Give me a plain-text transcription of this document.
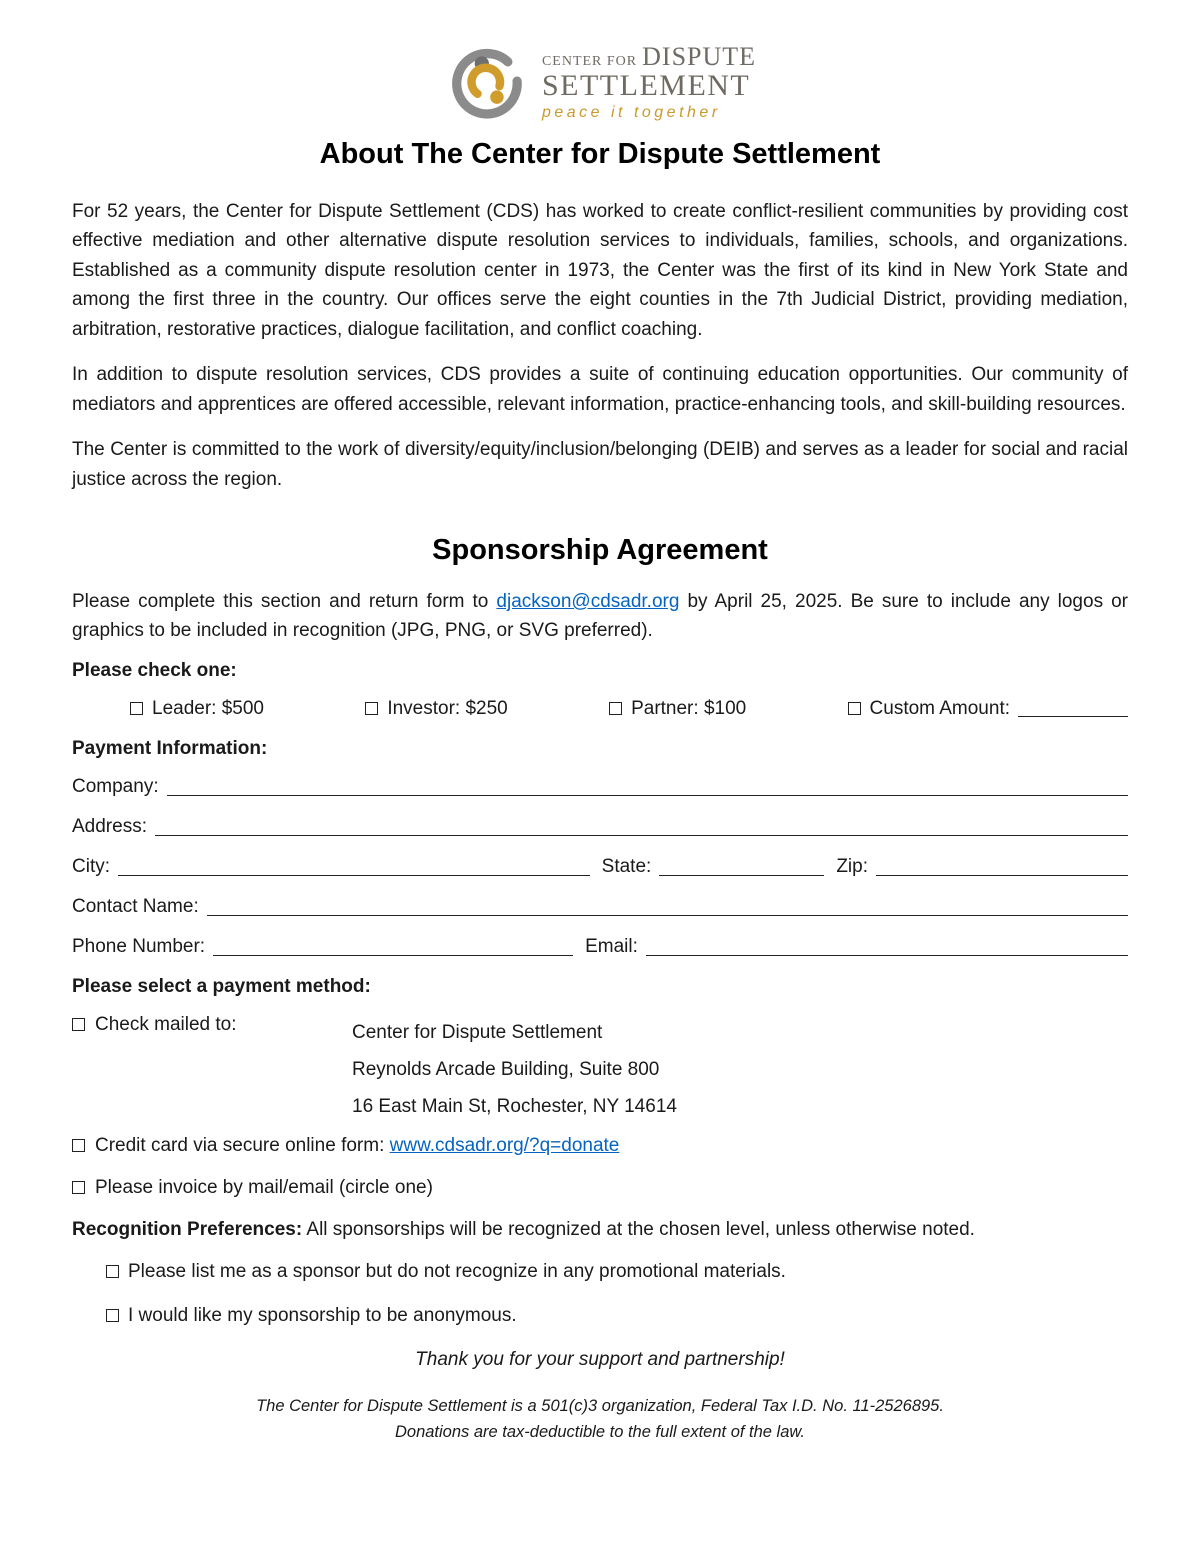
CENTER FOR DISPUTE
SETTLEMENT
peace it together
About The Center for Dispute Settlement

For 52 years, the Center for Dispute Settlement (CDS) has worked to create conflict-resilient communities by providing cost effective mediation and other alternative dispute resolution services to individuals, families, schools, and organizations. Established as a community dispute resolution center in 1973, the Center was the first of its kind in New York State and among the first three in the country. Our offices serve the eight counties in the 7th Judicial District, providing mediation, arbitration, restorative practices, dialogue facilitation, and conflict coaching.

In addition to dispute resolution services, CDS provides a suite of continuing education opportunities. Our community of mediators and apprentices are offered accessible, relevant information, practice-enhancing tools, and skill-building resources.

The Center is committed to the work of diversity/equity/inclusion/belonging (DEIB) and serves as a leader for social and racial justice across the region.

Sponsorship Agreement

Please complete this section and return form to djackson@cdsadr.org by April 25, 2025. Be sure to include any logos or graphics to be included in recognition (JPG, PNG, or SVG preferred).

Please check one:
Leader: $500	Investor: $250	Partner: $100	Custom Amount:
Payment Information:
Company:
Address:
City:	State:	Zip:
Contact Name:
Phone Number:	Email:
Please select a payment method:
Check mailed to:	Center for Dispute Settlement
Reynolds Arcade Building, Suite 800
16 East Main St, Rochester, NY 14614
Credit card via secure online form:
www.cdsadr.org/?q=donate
Please invoice by mail/email (circle one)

Recognition Preferences: All sponsorships will be recognized at the chosen level, unless otherwise noted.

Please list me as a sponsor but do not recognize in any promotional materials.
I would like my sponsorship to be anonymous.

Thank you for your support and partnership!

The Center for Dispute Settlement is a 501(c)3 organization, Federal Tax I.D. No. 11-2526895.
Donations are tax-deductible to the full extent of the law.
